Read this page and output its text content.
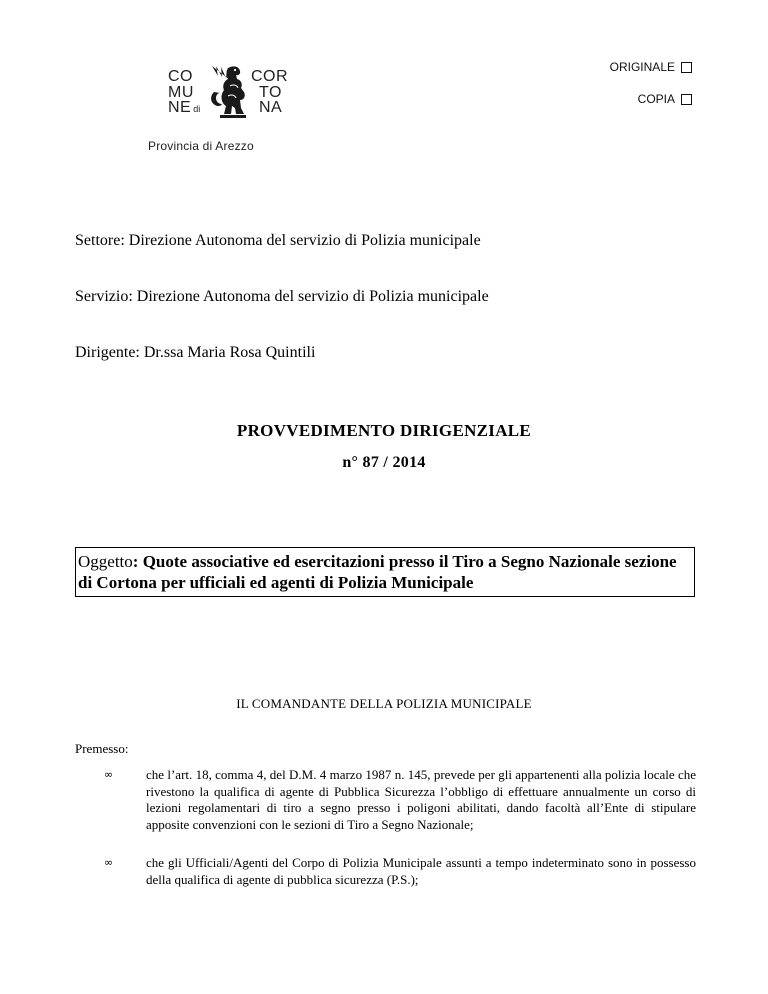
CO
MU
NE di
COR
TO
NA
Provincia di Arezzo
ORIGINALE
COPIA
Settore: Direzione Autonoma del servizio di Polizia municipale
Servizio: Direzione Autonoma del servizio di Polizia municipale
Dirigente: Dr.ssa Maria Rosa Quintili
PROVVEDIMENTO DIRIGENZIALE
n° 87 / 2014
Oggetto: Quote associative ed esercitazioni presso il Tiro a Segno Nazionale sezione di Cortona per ufficiali ed agenti di Polizia Municipale
IL COMANDANTE DELLA POLIZIA MUNICIPALE
Premesso:
∞	che l’art. 18, comma 4, del D.M. 4 marzo 1987 n. 145, prevede per gli appartenenti alla polizia locale che rivestono la qualifica di agente di Pubblica Sicurezza l’obbligo di effettuare annualmente un corso di lezioni regolamentari di tiro a segno presso i poligoni abilitati, dando facoltà all’Ente di stipulare apposite convenzioni con le sezioni di Tiro a Segno Nazionale;
∞	che gli Ufficiali/Agenti del Corpo di Polizia Municipale assunti a tempo indeterminato sono in possesso della qualifica di agente di pubblica sicurezza (P.S.);
